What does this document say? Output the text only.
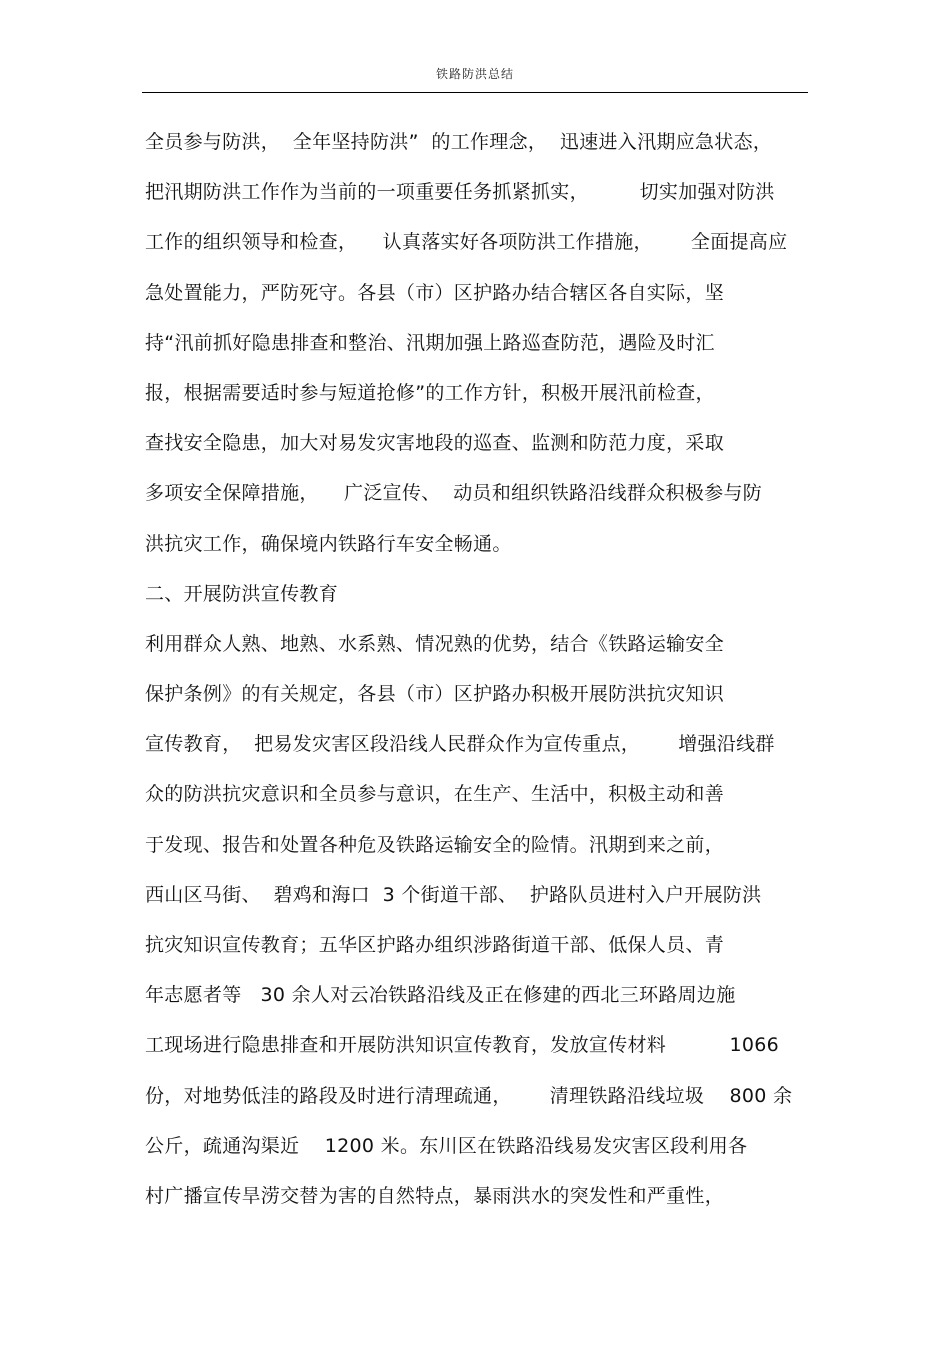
铁路防洪总结
全员参与防洪，  全年坚持防洪”  的工作理念，  迅速进入汛期应急状态，
把汛期防洪工作作为当前的一项重要任务抓紧抓实，        切实加强对防洪
工作的组织领导和检查，    认真落实好各项防洪工作措施，      全面提高应
急处置能力，严防死守。各县（市）区护路办结合辖区各自实际，坚
持“汛前抓好隐患排查和整治、汛期加强上路巡查防范，遇险及时汇
报，根据需要适时参与短道抢修”的工作方针，积极开展汛前检查，
查找安全隐患，加大对易发灾害地段的巡查、监测和防范力度，采取
多项安全保障措施，    广泛宣传、  动员和组织铁路沿线群众积极参与防
洪抗灾工作，确保境内铁路行车安全畅通。
二、开展防洪宣传教育
利用群众人熟、地熟、水系熟、情况熟的优势，结合《铁路运输安全
保护条例》的有关规定，各县（市）区护路办积极开展防洪抗灾知识
宣传教育，  把易发灾害区段沿线人民群众作为宣传重点，      增强沿线群
众的防洪抗灾意识和全员参与意识，在生产、生活中，积极主动和善
于发现、报告和处置各种危及铁路运输安全的险情。汛期到来之前，
西山区马街、  碧鸡和海口  3 个街道干部、  护路队员进村入户开展防洪
抗灾知识宣传教育；五华区护路办组织涉路街道干部、低保人员、青
年志愿者等   30 余人对云冶铁路沿线及正在修建的西北三环路周边施
工现场进行隐患排查和开展防洪知识宣传教育，发放宣传材料          1066
份，对地势低洼的路段及时进行清理疏通，      清理铁路沿线垃圾    800 余
公斤，疏通沟渠近    1200 米。东川区在铁路沿线易发灾害区段利用各
村广播宣传旱涝交替为害的自然特点，暴雨洪水的突发性和严重性，
